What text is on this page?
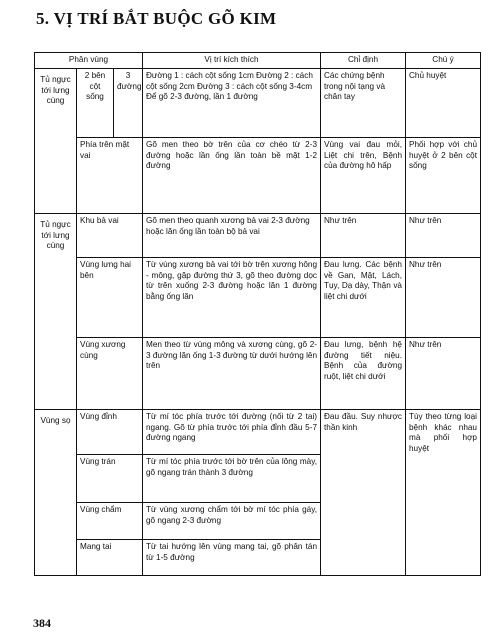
5. VỊ TRÍ BẮT BUỘC GÕ KIM
Phân vùng			Vị trí kích thích	Chỉ định	Chú ý
Tủ ngực tới lưng cùng	2 bên cột sống	3 đường	Đường 1 : cách cột sống 1cm Đường 2 : cách cột sống 2cm Đường 3 : cách cột sống 3-4cm Để gõ 2-3 đường, lần 1 đường	Các chứng bệnh trong nội tạng và chân tay	Chủ huyệt
	Phía trên mặt vai		Gõ men theo bờ trên của cơ chéo từ 2-3 đường hoặc lần ống lần toàn bề mặt 1-2 đường	Vùng vai đau mỏi, Liệt chi trên, Bệnh của đường hô hấp	Phối hợp với chủ huyệt ở 2 bên cột sống
Tủ ngực tới lưng cùng	Khu bả vai		Gõ men theo quanh xương bả vai 2-3 đường hoặc lăn ống lần toàn bộ bả vai	Như trên	Như trên
	Vùng lưng hai bên		Từ vùng xương bả vai tới bờ trên xương hông - mông, gặp đường thứ 3, gõ theo đường dọc từ trên xuống 2-3 đường hoặc lăn 1 đường bằng ống lăn	Đau lưng. Các bệnh về Gan, Mật, Lách, Tụy, Dạ dày, Thận và liệt chi dưới	Như trên
	Vùng xương cùng		Men theo từ vùng mông và xương cùng, gõ 2-3 đường lăn ống 1-3 đường từ dưới hướng lên trên	Đau lưng, bệnh hệ đường tiết niệu. Bệnh của đường ruột, liệt chi dưới	Như trên
Vùng sọ	Vùng đỉnh		Từ mí tóc phía trước tới đường (nối từ 2 tai) ngang. Gõ từ phía trước tới phía đỉnh đầu 5-7 đường ngang	Đau đầu. Suy nhược thần kinh	Tùy theo từng loại bệnh khác nhau mà phối hợp huyệt
	Vùng trán		Từ mí tóc phía trước tới bờ trên của lông mày, gõ ngang trán thành 3 đường		
	Vùng chẩm		Từ vùng xương chẩm tới bờ mí tóc phía gáy, gõ ngang 2-3 đường		
	Mang tai		Từ tai hướng lên vùng mang tai, gõ phân tán từ 1-5 đường		
384
